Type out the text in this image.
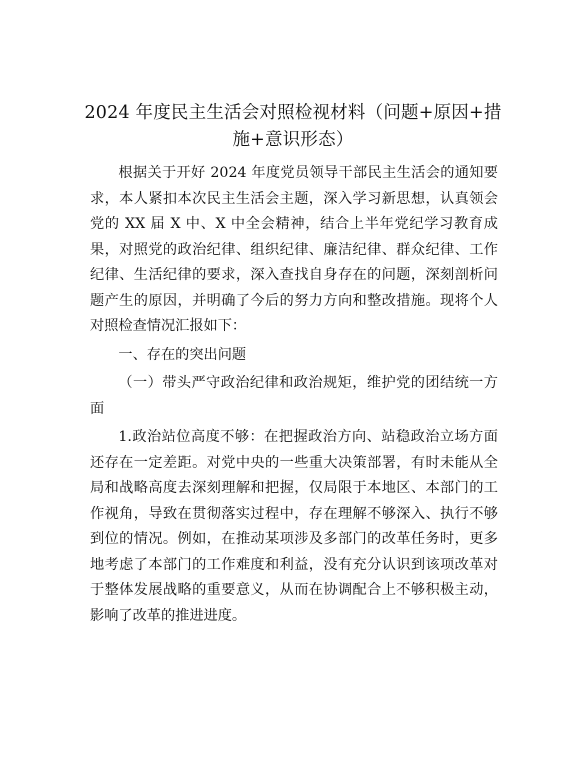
2024 年度民主生活会对照检视材料（问题+原因+措施+意识形态）

根据关于开好 2024 年度党员领导干部民主生活会的通知要求，本人紧扣本次民主生活会主题，深入学习新思想，认真领会党的 XX 届 X 中、X 中全会精神，结合上半年党纪学习教育成果，对照党的政治纪律、组织纪律、廉洁纪律、群众纪律、工作纪律、生活纪律的要求，深入查找自身存在的问题，深刻剖析问题产生的原因，并明确了今后的努力方向和整改措施。现将个人对照检查情况汇报如下：

一、存在的突出问题

（一）带头严守政治纪律和政治规矩，维护党的团结统一方面

1.政治站位高度不够：在把握政治方向、站稳政治立场方面还存在一定差距。对党中央的一些重大决策部署，有时未能从全局和战略高度去深刻理解和把握，仅局限于本地区、本部门的工作视角，导致在贯彻落实过程中，存在理解不够深入、执行不够到位的情况。例如，在推动某项涉及多部门的改革任务时，更多地考虑了本部门的工作难度和利益，没有充分认识到该项改革对于整体发展战略的重要意义，从而在协调配合上不够积极主动，影响了改革的推进进度。
